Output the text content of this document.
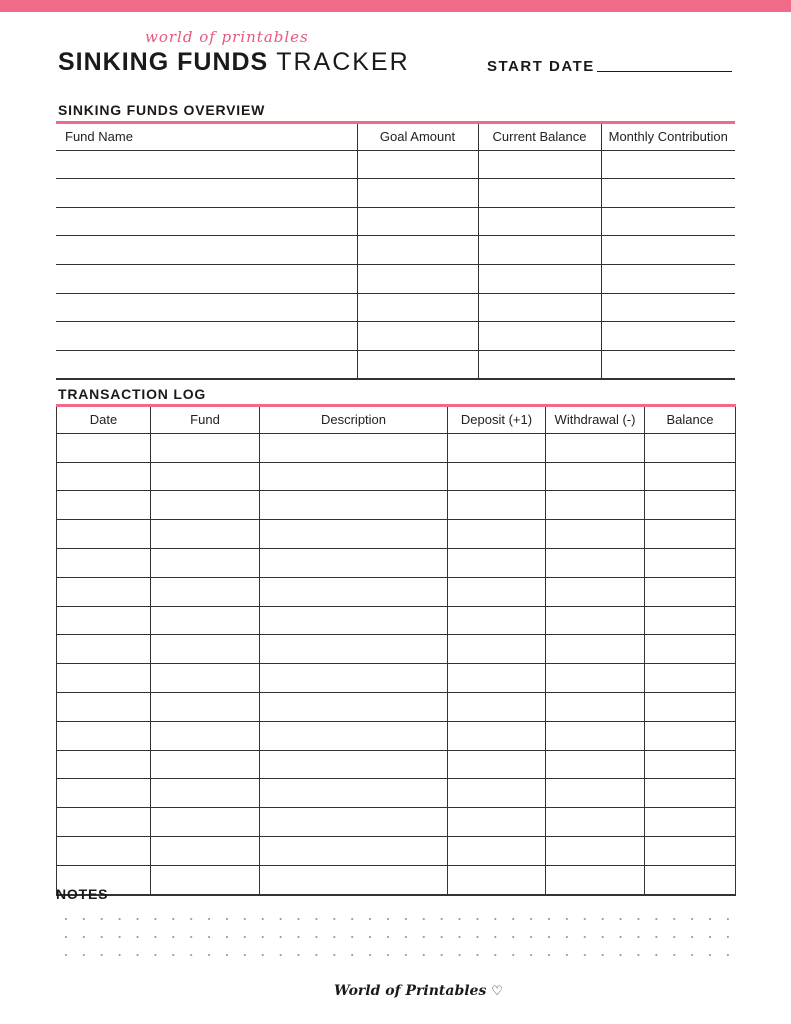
world of printables
SINKING FUNDS TRACKER	START DATE
SINKING FUNDS OVERVIEW
Fund Name	Goal Amount	Current Balance	Monthly Contribution

TRANSACTION LOG
Date	Fund	Description	Deposit (+1)	Withdrawal (-)	Balance

NOTES
World of Printables ♡
